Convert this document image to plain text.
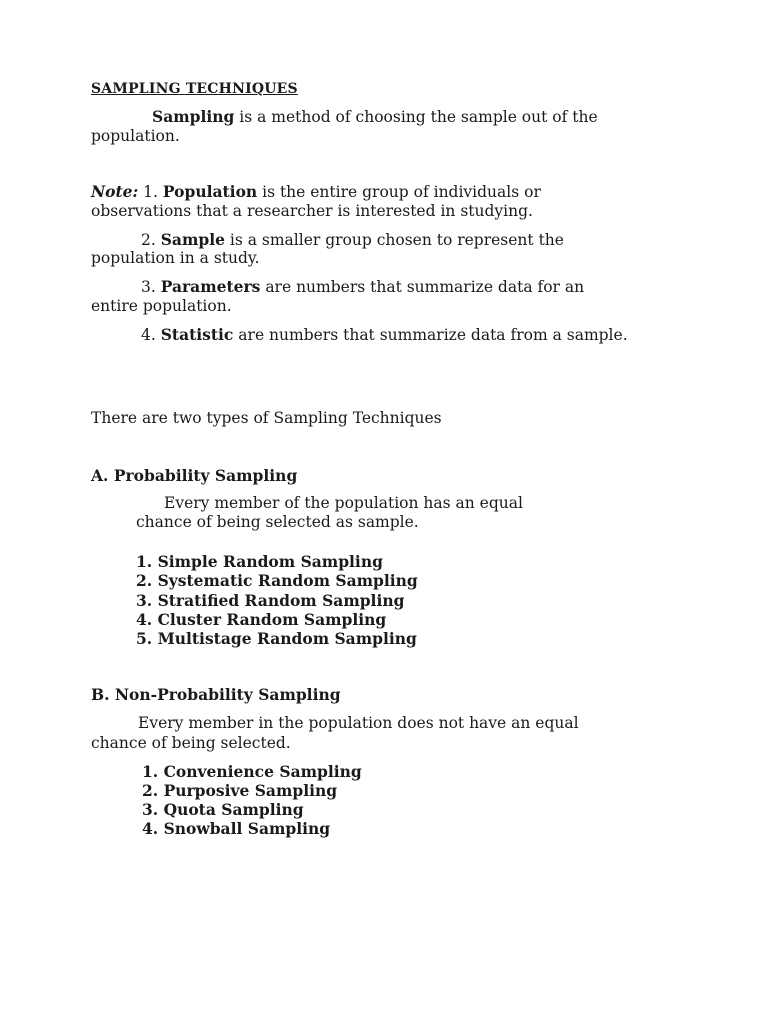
SAMPLING TECHNIQUES

Sampling is a method of choosing the sample out of the

population.

Note: 1. Population is the entire group of individuals or

observations that a researcher is interested in studying.

2. Sample is a smaller group chosen to represent the

population in a study.

3. Parameters are numbers that summarize data for an

entire population.

4. Statistic are numbers that summarize data from a sample.

There are two types of Sampling Techniques

A. Probability Sampling

Every member of the population has an equal

chance of being selected as sample.

1. Simple Random Sampling

2. Systematic Random Sampling

3. Stratified Random Sampling

4. Cluster Random Sampling

5. Multistage Random Sampling

B. Non-Probability Sampling

Every member in the population does not have an equal

chance of being selected.

1. Convenience Sampling

2. Purposive Sampling

3. Quota Sampling

4. Snowball Sampling
